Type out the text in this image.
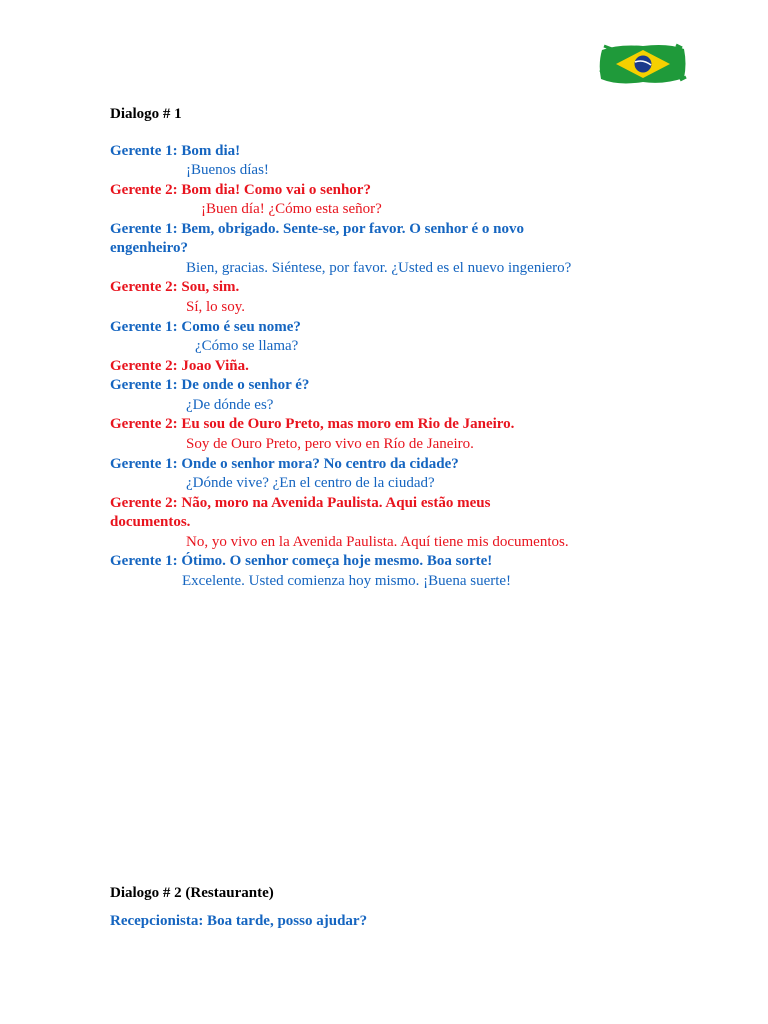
Dialogo # 1
Gerente 1: Bom dia!
¡Buenos días!
Gerente 2: Bom dia! Como vai o senhor?
¡Buen día! ¿Cómo esta señor?
Gerente 1: Bem, obrigado. Sente-se, por favor. O senhor é o novo
engenheiro?
Bien, gracias. Siéntese, por favor. ¿Usted es el nuevo ingeniero?
Gerente 2: Sou, sim.
Sí, lo soy.
Gerente 1: Como é seu nome?
¿Cómo se llama?
Gerente 2: Joao Viña.
Gerente 1: De onde o senhor é?
¿De dónde es?
Gerente 2: Eu sou de Ouro Preto, mas moro em Rio de Janeiro.
Soy de Ouro Preto, pero vivo en Río de Janeiro.
Gerente 1: Onde o senhor mora? No centro da cidade?
¿Dónde vive? ¿En el centro de la ciudad?
Gerente 2: Não, moro na Avenida Paulista. Aqui estão meus
documentos.
No, yo vivo en la Avenida Paulista. Aquí tiene mis documentos.
Gerente 1: Ótimo. O senhor começa hoje mesmo. Boa sorte!
Excelente. Usted comienza hoy mismo. ¡Buena suerte!
Dialogo # 2 (Restaurante)
Recepcionista: Boa tarde, posso ajudar?
